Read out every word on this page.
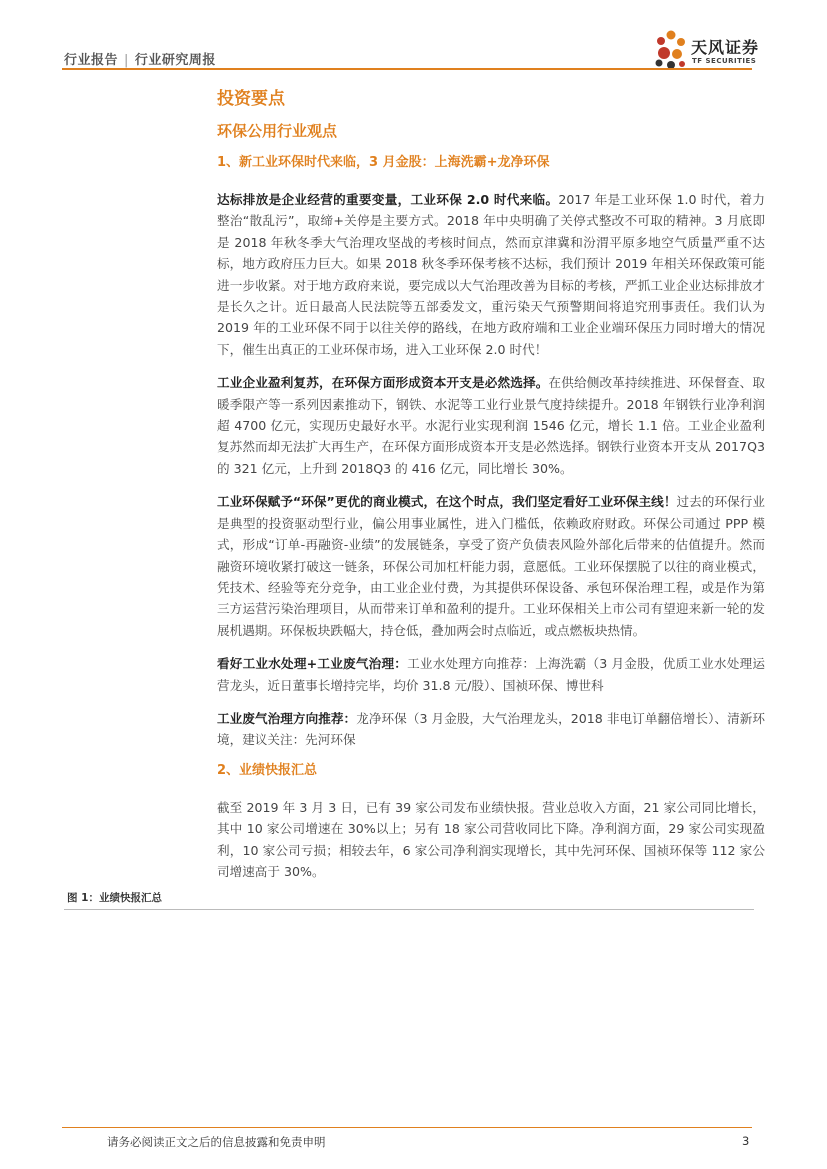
行业报告 | 行业研究周报
天风证券
TF SECURITIES
投资要点
环保公用行业观点
1、新工业环保时代来临，3 月金股：上海洗霸+龙净环保

达标排放是企业经营的重要变量，工业环保 2.0 时代来临。2017 年是工业环保 1.0 时代，着力整治“散乱污”，取缔+关停是主要方式。2018 年中央明确了关停式整改不可取的精神。3 月底即是 2018 年秋冬季大气治理攻坚战的考核时间点，然而京津冀和汾渭平原多地空气质量严重不达标，地方政府压力巨大。如果 2018 秋冬季环保考核不达标，我们预计 2019 年相关环保政策可能进一步收紧。对于地方政府来说，要完成以大气治理改善为目标的考核，严抓工业企业达标排放才是长久之计。近日最高人民法院等五部委发文，重污染天气预警期间将追究刑事责任。我们认为 2019 年的工业环保不同于以往关停的路线，在地方政府端和工业企业端环保压力同时增大的情况下，催生出真正的工业环保市场，进入工业环保 2.0 时代！

工业企业盈利复苏，在环保方面形成资本开支是必然选择。在供给侧改革持续推进、环保督查、取暖季限产等一系列因素推动下，钢铁、水泥等工业行业景气度持续提升。2018 年钢铁行业净利润超 4700 亿元，实现历史最好水平。水泥行业实现利润 1546 亿元，增长 1.1 倍。工业企业盈利复苏然而却无法扩大再生产，在环保方面形成资本开支是必然选择。钢铁行业资本开支从 2017Q3 的 321 亿元，上升到 2018Q3 的 416 亿元，同比增长 30%。

工业环保赋予“环保”更优的商业模式，在这个时点，我们坚定看好工业环保主线！过去的环保行业是典型的投资驱动型行业，偏公用事业属性，进入门槛低，依赖政府财政。环保公司通过 PPP 模式，形成“订单-再融资-业绩”的发展链条，享受了资产负债表风险外部化后带来的估值提升。然而融资环境收紧打破这一链条，环保公司加杠杆能力弱，意愿低。工业环保摆脱了以往的商业模式，凭技术、经验等充分竞争，由工业企业付费，为其提供环保设备、承包环保治理工程，或是作为第三方运营污染治理项目，从而带来订单和盈利的提升。工业环保相关上市公司有望迎来新一轮的发展机遇期。环保板块跌幅大，持仓低，叠加两会时点临近，或点燃板块热情。

看好工业水处理+工业废气治理：工业水处理方向推荐：上海洗霸（3 月金股，优质工业水处理运营龙头，近日董事长增持完毕，均价 31.8 元/股）、国祯环保、博世科

工业废气治理方向推荐：龙净环保（3 月金股，大气治理龙头，2018 非电订单翻倍增长）、清新环境，建议关注：先河环保

2、业绩快报汇总

截至 2019 年 3 月 3 日，已有 39 家公司发布业绩快报。营业总收入方面，21 家公司同比增长，其中 10 家公司增速在 30%以上；另有 18 家公司营收同比下降。净利润方面，29 家公司实现盈利，10 家公司亏损；相较去年，6 家公司净利润实现增长，其中先河环保、国祯环保等 112 家公司增速高于 30%。

图 1：业绩快报汇总
请务必阅读正文之后的信息披露和免责申明	3
